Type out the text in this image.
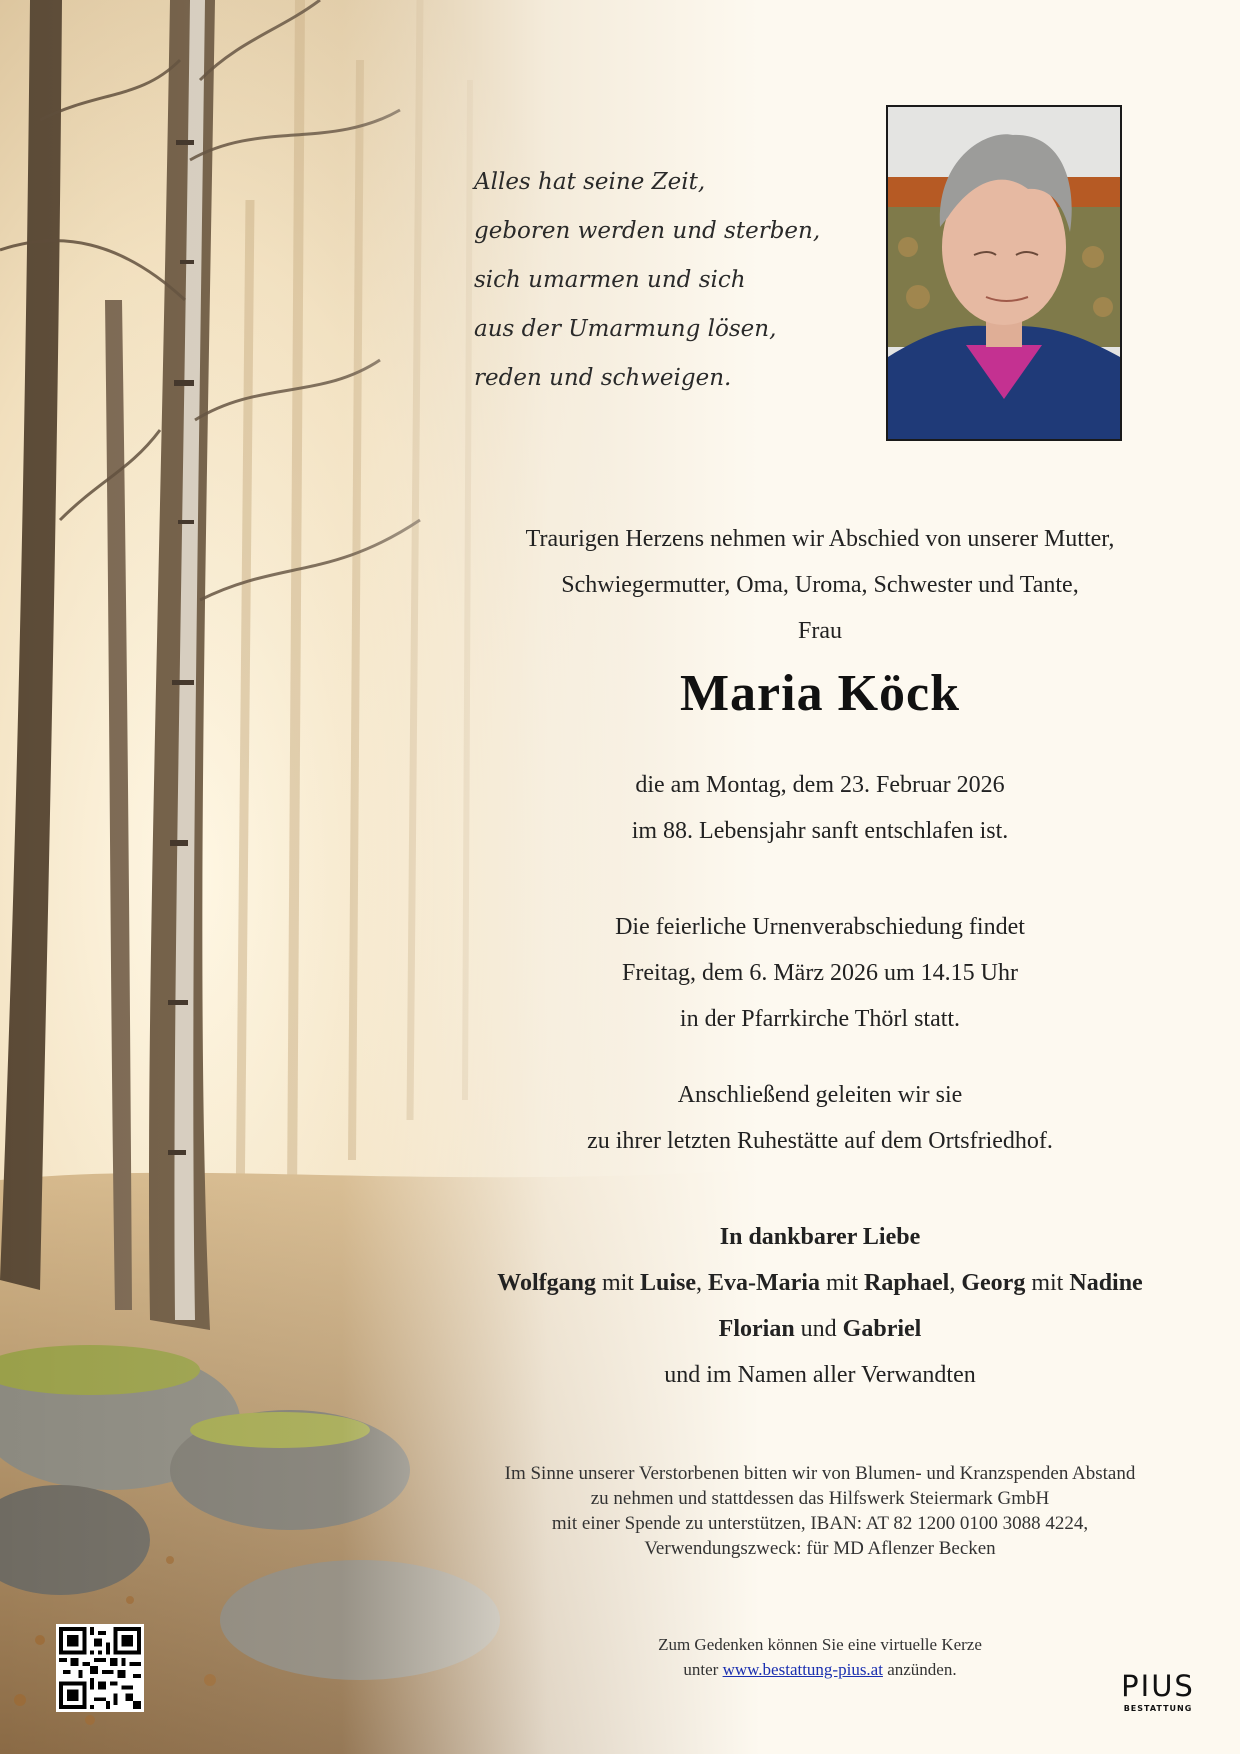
Alles hat seine Zeit,
geboren werden und sterben,
sich umarmen und sich
aus der Umarmung lösen,
reden und schweigen.
Traurigen Herzens nehmen wir Abschied von unserer Mutter,
Schwiegermutter, Oma, Uroma, Schwester und Tante,
Frau
Maria Köck
die am Montag, dem 23. Februar 2026
im 88. Lebensjahr sanft entschlafen ist.
Die feierliche Urnenverabschiedung findet
Freitag, dem 6. März 2026 um 14.15 Uhr
in der Pfarrkirche Thörl statt.
Anschließend geleiten wir sie
zu ihrer letzten Ruhestätte auf dem Ortsfriedhof.
In dankbarer Liebe
Wolfgang mit Luise, Eva-Maria mit Raphael, Georg mit Nadine
Florian und Gabriel
und im Namen aller Verwandten
Im Sinne unserer Verstorbenen bitten wir von Blumen- und Kranzspenden Abstand
zu nehmen und stattdessen das Hilfswerk Steiermark GmbH
mit einer Spende zu unterstützen, IBAN: AT 82 1200 0100 3088 4224,
Verwendungszweck: für MD Aflenzer Becken
Zum Gedenken können Sie eine virtuelle Kerze
unter www.bestattung-pius.at anzünden.	PIUS
BESTATTUNG
